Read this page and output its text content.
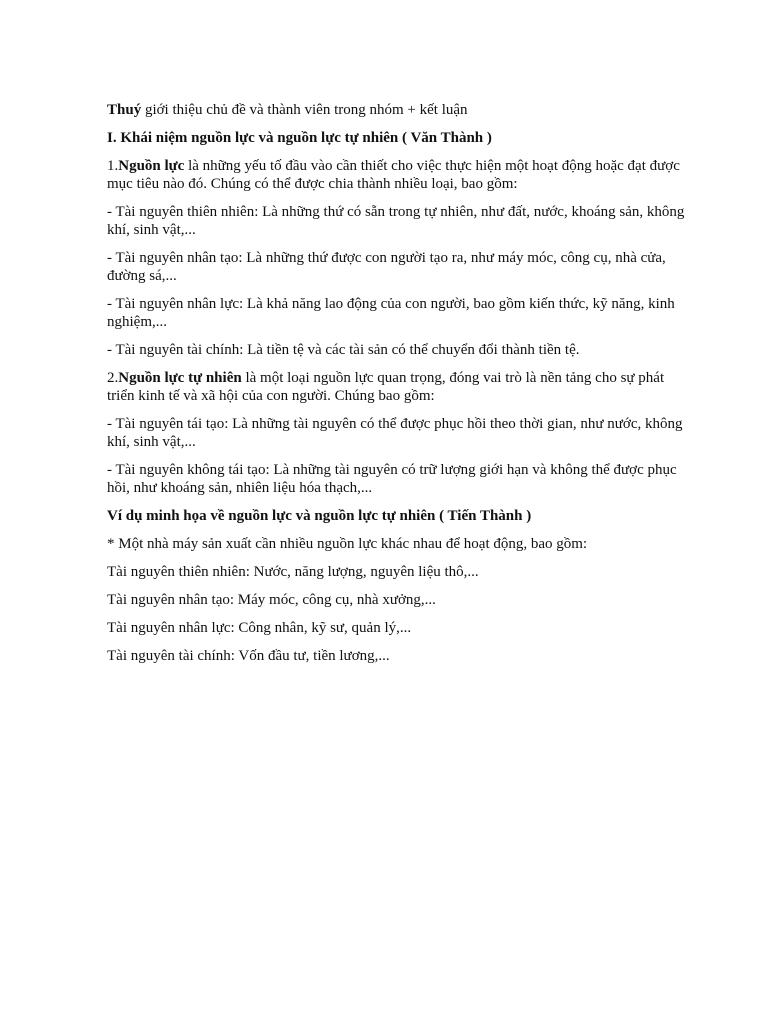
Thuý giới thiệu chủ đề và thành viên trong nhóm + kết luận

I. Khái niệm nguồn lực và nguồn lực tự nhiên ( Văn Thành )

1.Nguồn lực là những yếu tố đầu vào cần thiết cho việc thực hiện một hoạt động hoặc đạt được mục tiêu nào đó. Chúng có thể được chia thành nhiều loại, bao gồm:

- Tài nguyên thiên nhiên: Là những thứ có sẵn trong tự nhiên, như đất, nước, khoáng sản, không khí, sinh vật,...

- Tài nguyên nhân tạo: Là những thứ được con người tạo ra, như máy móc, công cụ, nhà cửa, đường sá,...

- Tài nguyên nhân lực: Là khả năng lao động của con người, bao gồm kiến thức, kỹ năng, kinh nghiệm,...

- Tài nguyên tài chính: Là tiền tệ và các tài sản có thể chuyển đổi thành tiền tệ.

2.Nguồn lực tự nhiên là một loại nguồn lực quan trọng, đóng vai trò là nền tảng cho sự phát triển kinh tế và xã hội của con người. Chúng bao gồm:

- Tài nguyên tái tạo: Là những tài nguyên có thể được phục hồi theo thời gian, như nước, không khí, sinh vật,...

- Tài nguyên không tái tạo: Là những tài nguyên có trữ lượng giới hạn và không thể được phục hồi, như khoáng sản, nhiên liệu hóa thạch,...

Ví dụ minh họa về nguồn lực và nguồn lực tự nhiên ( Tiến Thành )

* Một nhà máy sản xuất cần nhiều nguồn lực khác nhau để hoạt động, bao gồm:

Tài nguyên thiên nhiên: Nước, năng lượng, nguyên liệu thô,...

Tài nguyên nhân tạo: Máy móc, công cụ, nhà xưởng,...

Tài nguyên nhân lực: Công nhân, kỹ sư, quản lý,...

Tài nguyên tài chính: Vốn đầu tư, tiền lương,...
